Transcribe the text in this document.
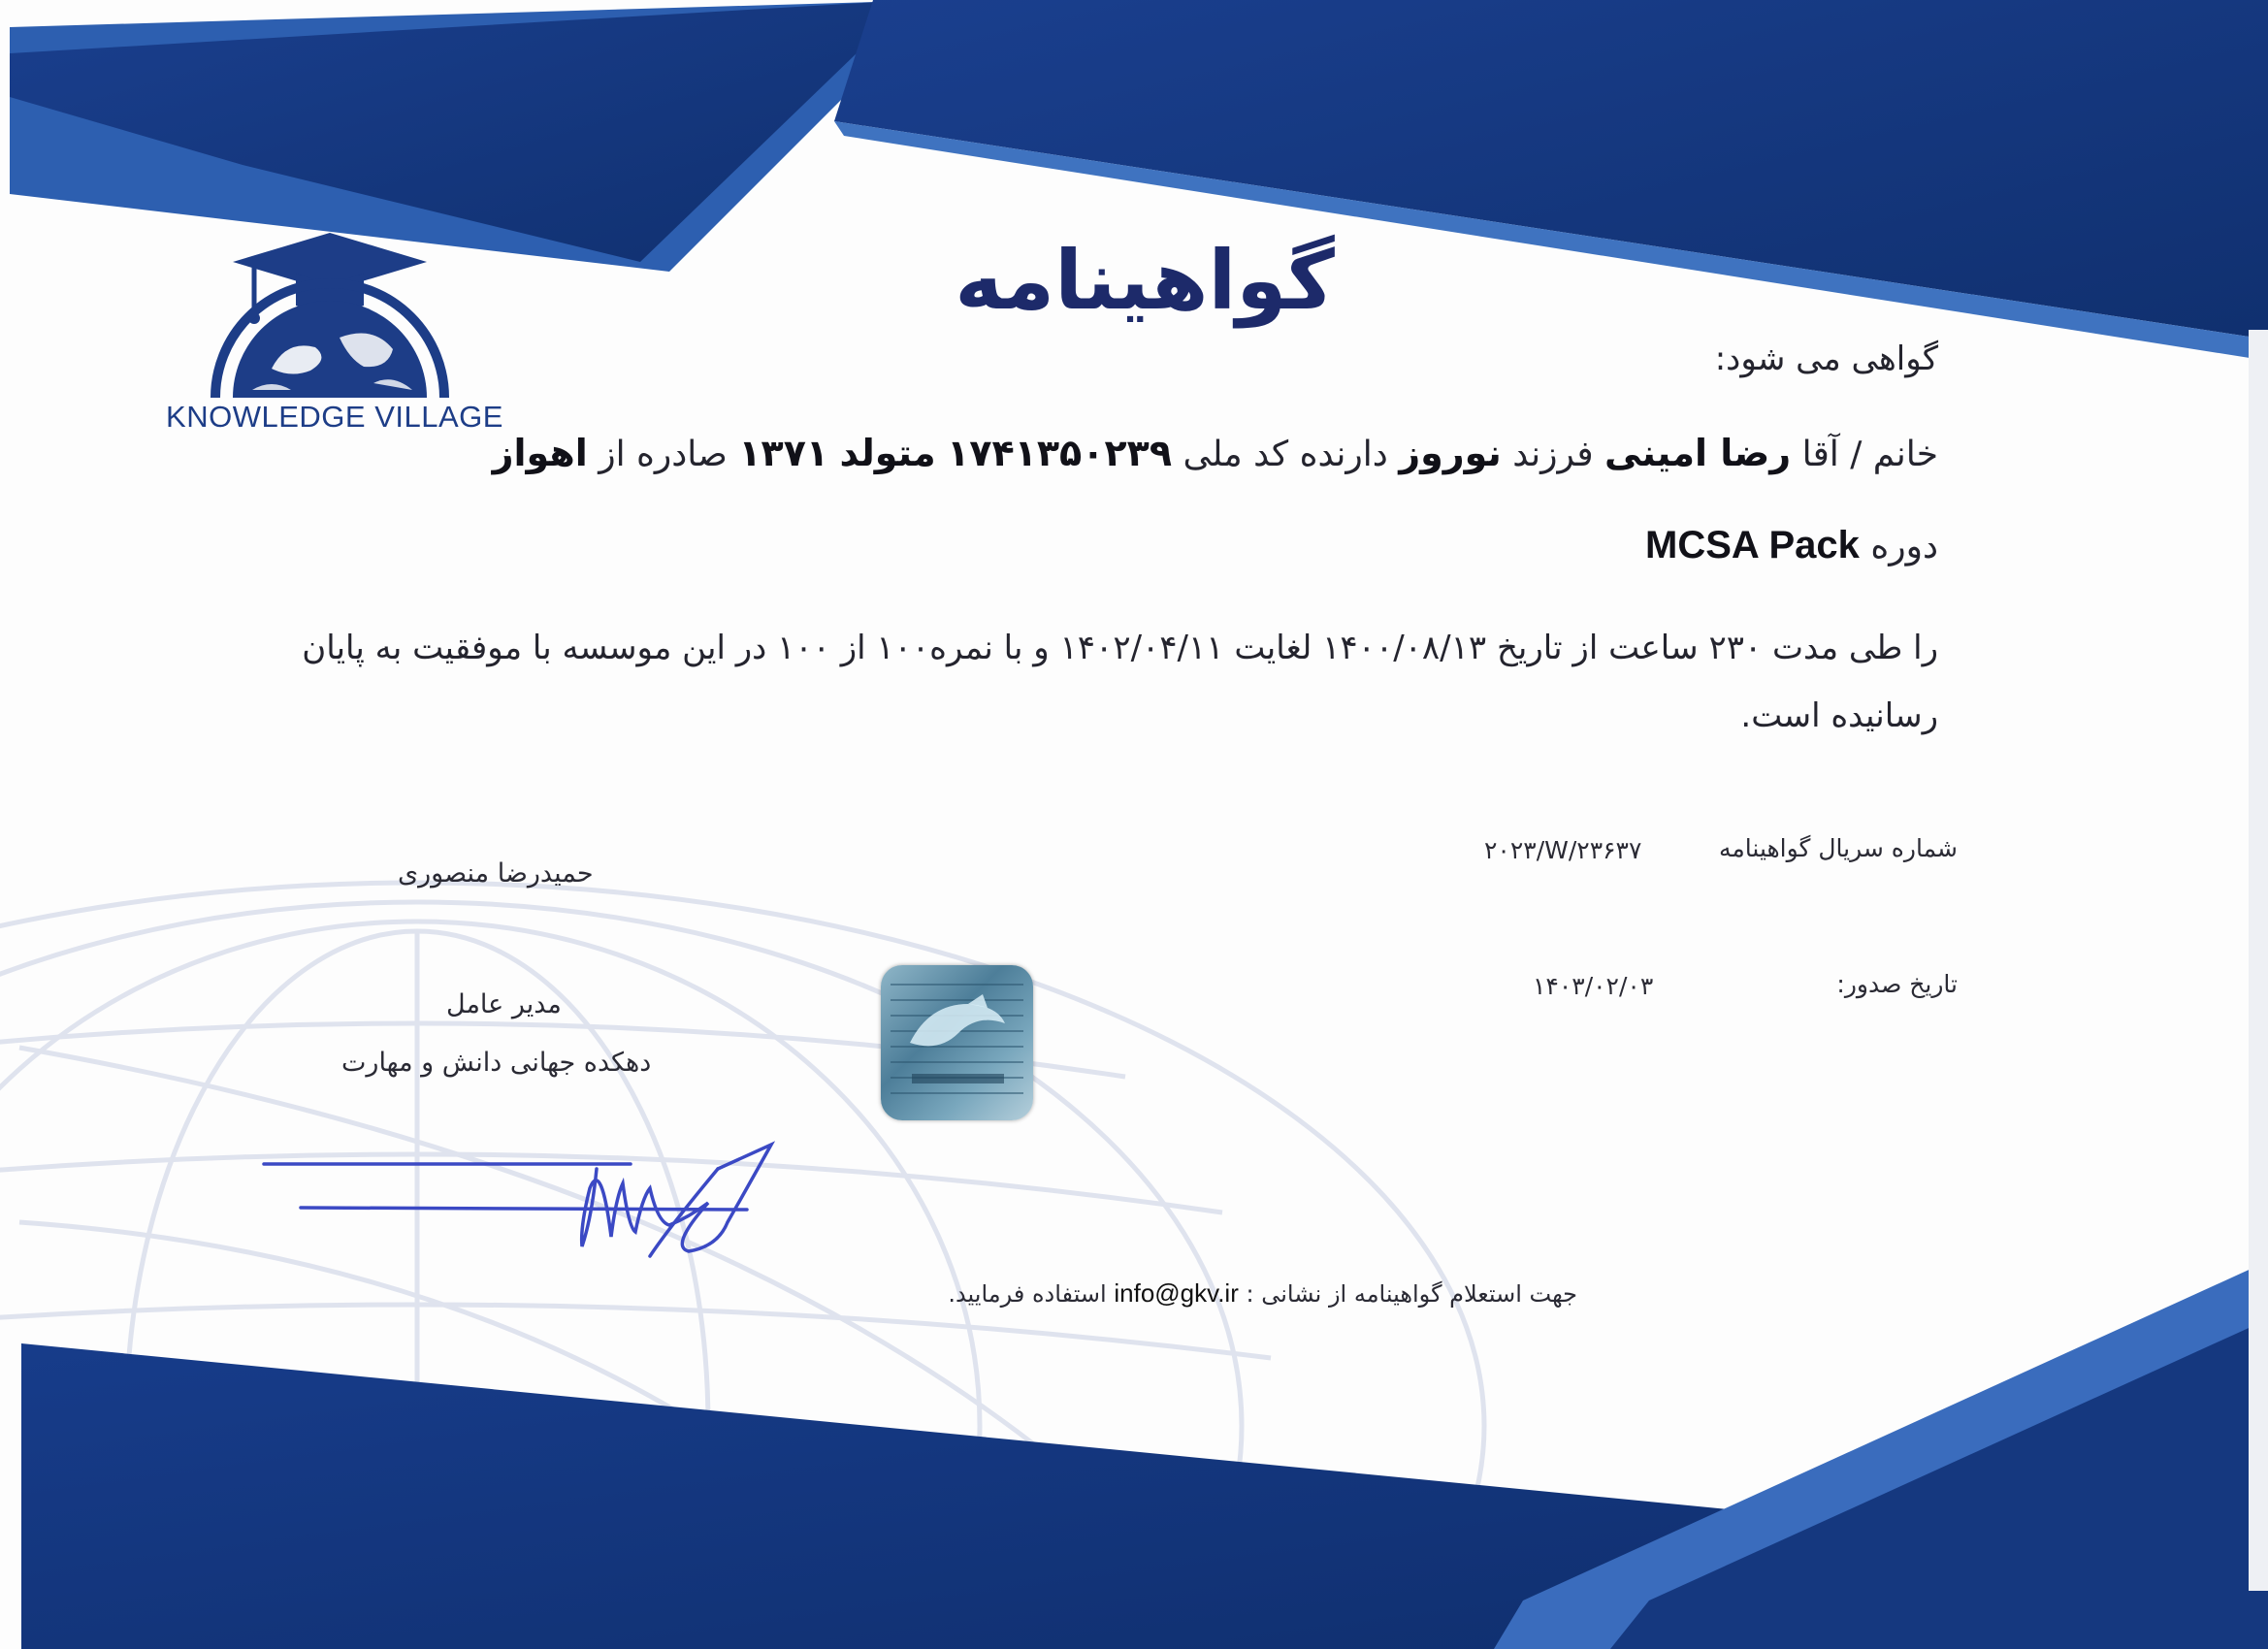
KNOWLEDGE VILLAGE
گواهینامه
گواهی می شود:
خانم / آقا رضا امینی فرزند نوروز دارنده کد ملی ۱۷۴۱۳۵۰۲۳۹ متولد ۱۳۷۱ صادره از اهواز
دوره MCSA Pack
را طی مدت ۲۳۰ ساعت از تاریخ ۱۴۰۰/۰۸/۱۳ لغایت ۱۴۰۲/۰۴/۱۱ و با نمره۱۰۰ از ۱۰۰ در این موسسه با موفقیت به پایان
رسانیده است.
شماره سریال گواهینامه
۲۰۲۳/W/۲۳۶۳۷
تاریخ صدور:
۱۴۰۳/۰۲/۰۳
حمیدرضا منصوری
مدیر عامل
دهکده جهانی دانش و مهارت
جهت استعلام گواهینامه از نشانی : info@gkv.ir استفاده فرمایید.
